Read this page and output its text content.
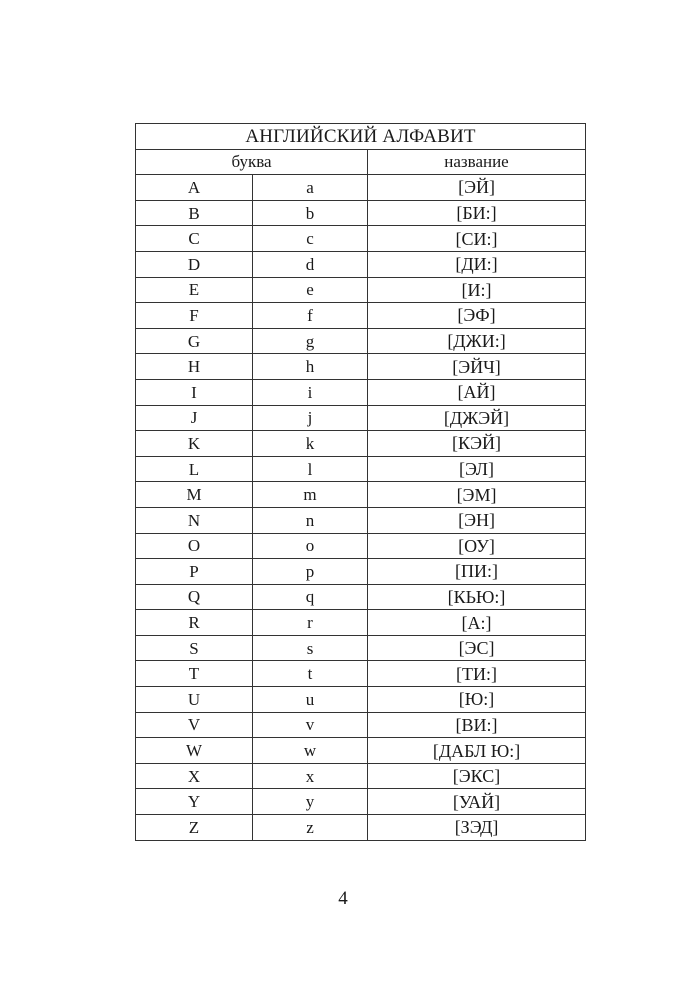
АНГЛИЙСКИЙ АЛФАВИТ		
буква		название
A	a	[ЭЙ]
B	b	[БИ:]
C	c	[СИ:]
D	d	[ДИ:]
E	e	[И:]
F	f	[ЭФ]
G	g	[ДЖИ:]
H	h	[ЭЙЧ]
I	i	[АЙ]
J	j	[ДЖЭЙ]
K	k	[КЭЙ]
L	l	[ЭЛ]
M	m	[ЭМ]
N	n	[ЭН]
O	o	[ОУ]
P	p	[ПИ:]
Q	q	[КЬЮ:]
R	r	[А:]
S	s	[ЭС]
T	t	[ТИ:]
U	u	[Ю:]
V	v	[ВИ:]
W	w	[ДАБЛ Ю:]
X	x	[ЭКС]
Y	y	[УАЙ]
Z	z	[ЗЭД]
4
